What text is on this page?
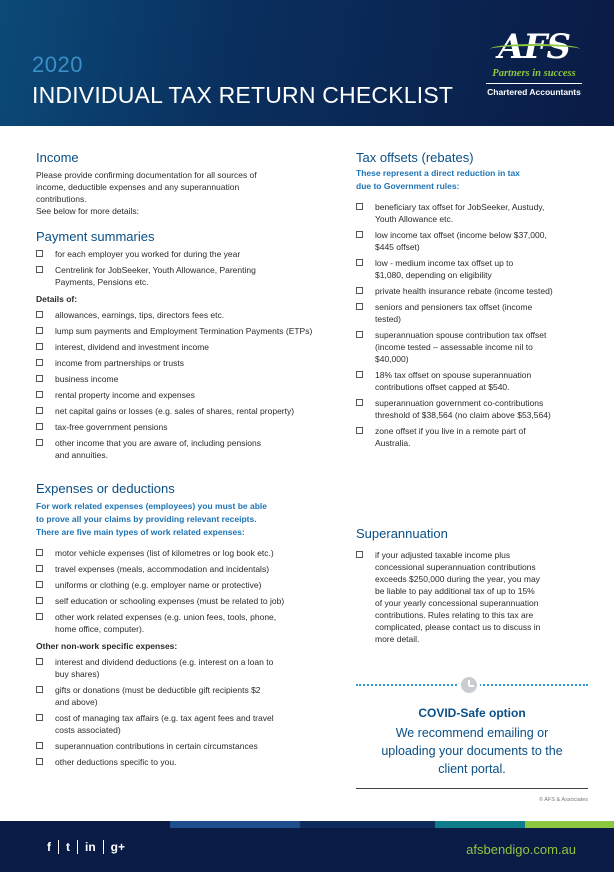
2020
INDIVIDUAL TAX RETURN CHECKLIST
AFS
Partners in success
Chartered Accountants
Income
Please provide confirming documentation for all sources of
income, deductible expenses and any superannuation
contributions.
See below for more details:
Payment summaries
for each employer you worked for during the year
Centrelink for JobSeeker, Youth Allowance, Parenting
Payments, Pensions etc.
Details of:
allowances, earnings, tips, directors fees etc.
lump sum payments and Employment Termination Payments (ETPs)
interest, dividend and investment income
income from partnerships or trusts
business income
rental property income and expenses
net capital gains or losses (e.g. sales of shares, rental property)
tax-free government pensions
other income that you are aware of, including pensions
and annuities.
Expenses or deductions
For work related expenses (employees) you must be able
to prove all your claims by providing relevant receipts.
There are five main types of work related expenses:
motor vehicle expenses (list of kilometres or log book etc.)
travel expenses (meals, accommodation and incidentals)
uniforms or clothing (e.g. employer name or protective)
self education or schooling expenses (must be related to job)
other work related expenses (e.g. union fees, tools, phone,
home office, computer).
Other non-work specific expenses:
interest and dividend deductions (e.g. interest on a loan to
buy shares)
gifts or donations (must be deductible gift recipients $2
and above)
cost of managing tax affairs (e.g. tax agent fees and travel
costs associated)
superannuation contributions in certain circumstances
other deductions specific to you.
Tax offsets (rebates)
These represent a direct reduction in tax
due to Government rules:
beneficiary tax offset for JobSeeker, Austudy,
Youth Allowance etc.
low income tax offset (income below $37,000,
$445 offset)
low - medium income tax offset up to
$1,080, depending on eligibility
private health insurance rebate (income tested)
seniors and pensioners tax offset (income
tested)
superannuation spouse contribution tax offset
(income tested – assessable income nil to
$40,000)
18% tax offset on spouse superannuation
contributions offset capped at $540.
superannuation government co-contributions
threshold of $38,564 (no claim above $53,564)
zone offset if you live in a remote part of
Australia.
Superannuation
if your adjusted taxable income plus
concessional superannuation contributions
exceeds $250,000 during the year, you may
be liable to pay additional tax of up to 15%
of your yearly concessional superannuation
contributions. Rules relating to this tax are
complicated, please contact us to discuss in
more detail.
COVID-Safe option
We recommend emailing or
uploading your documents to the
client portal.
© AFS & Associates
f	t	in	g+	afsbendigo.com.au
